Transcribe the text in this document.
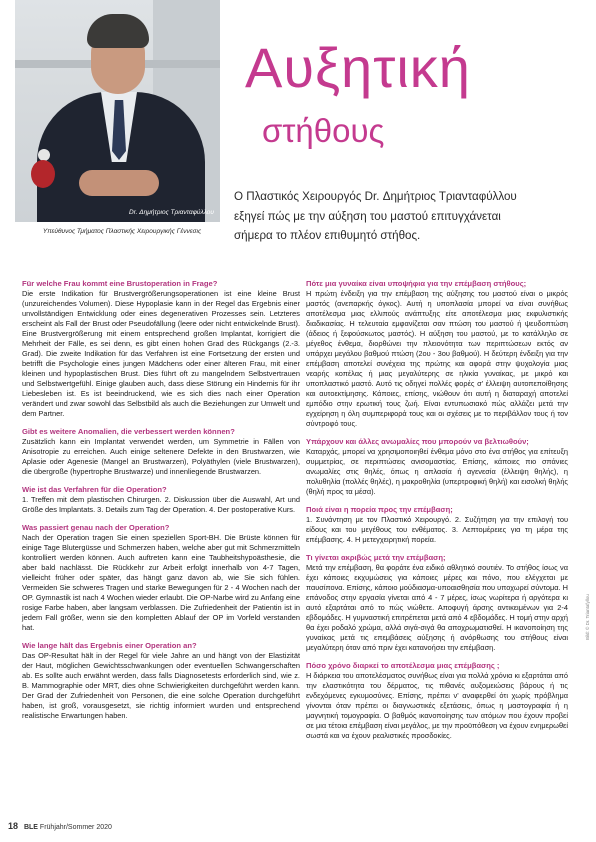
Dr. Δημήτριος Τριανταφύλλου
Υπεύθυνος Τμήματος Πλαστικής Χειρουργικής Γέννεσις
Αυξητική
στήθους
Ο Πλαστικός Χειρουργός Dr. Δημήτριος Τριανταφύλλου
εξηγεί πώς με την αύξηση του μαστού επιτυγχάνεται
σήμερα το πλέον επιθυμητό στήθος.
Für welche Frau kommt eine Brustoperation in Frage?

Die erste Indikation für Brustvergrößerungsoperationen ist eine kleine Brust (unzureichendes Volumen). Diese Hypoplasie kann in der Regel das Ergebnis einer unvollständigen Entwicklung oder eines degenerativen Prozesses sein. Letzteres erscheint als Fall der Brust oder Pseudofällung (leere oder nicht entwickelnde Brust). Eine Brustvergrößerung mit einem entsprechend großen Implantat, korrigiert die Mehrheit der Fälle, es sei denn, es gibt einen hohen Grad des Rückgangs (2.-3. Grad). Die zweite Indikation für das Verfahren ist eine Fortsetzung der ersten und betrifft die Psychologie eines jungen Mädchens oder einer älteren Frau, mit einer kleinen und hypoplastischen Brust. Dies führt oft zu mangelndem Selbstvertrauen und Selbstwertgefühl. Einige glauben auch, dass diese Störung ein Hindernis für ihr Liebesleben ist. Es ist beeindruckend, wie es sich dies nach einer Operation verändert und zwar sowohl das Selbstbild als auch die Beziehungen zur Umwelt und dem Partner.

Gibt es weitere Anomalien, die verbessert werden können?

Zusätzlich kann ein Implantat verwendet werden, um Symmetrie in Fällen von Anisotropie zu erreichen. Auch einige seltenere Defekte in den Brustwarzen, wie Aplasie oder Agenesie (Mangel an Brustwarzen), Polyäthylen (viele Brustwarzen), die übergroße (hypertrophe Brustwarze) und innenliegende Brustwarzen.

Wie ist das Verfahren für die Operation?

1. Treffen mit dem plastischen Chirurgen. 2. Diskussion über die Auswahl, Art und Größe des Implantats. 3. Details zum Tag der Operation. 4. Der postoperative Kurs.

Was passiert genau nach der Operation?

Nach der Operation tragen Sie einen speziellen Sport-BH. Die Brüste können für einige Tage Blutergüsse und Schmerzen haben, welche aber gut mit Schmerzmitteln kontrolliert werden können. Auch auftreten kann eine Taubheitshypoästhesie, die aber bald nachlässt. Die Rückkehr zur Arbeit erfolgt innerhalb von 4-7 Tagen, vielleicht früher oder später, das hängt ganz davon ab, wie Sie sich fühlen. Vermeiden Sie schweres Tragen und starke Bewegungen für 2 - 4 Wochen nach der OP. Gymnastik ist nach 4 Wochen wieder erlaubt. Die OP-Narbe wird zu Anfang eine rosige Farbe haben, aber langsam verblassen. Die Zufriedenheit der Patientin ist in jedem Fall größer, wenn sie den kompletten Ablauf der OP im Vorfeld verstanden hat.

Wie lange hält das Ergebnis einer Operation an?

Das OP-Resultat hält in der Regel für viele Jahre an und hängt von der Elastizität der Haut, möglichen Gewichtsschwankungen oder eventuellen Schwangerschaften ab. Es sollte auch erwähnt werden, dass falls Diagnosetests erforderlich sind, wie z. B. Mammographie oder MRT, dies ohne Schwierigkeiten durchgeführt werden kann. Der Grad der Zufriedenheit von Personen, die eine solche Operation durchgeführt haben, ist groß, vorausgesetzt, sie richtig informiert wurden und entsprechend realistische Erwartungen haben.

Πότε μια γυναίκα είναι υποψήφια για την επέμβαση στήθους;

Η πρώτη ένδειξη για την επέμβαση της αύξησης του μαστού είναι ο μικρός μαστός (ανεπαρκής όγκος). Αυτή η υποπλασία μπορεί να είναι συνήθως αποτέλεσμα μιας ελλιπούς ανάπτυξης είτε αποτέλεσμα μιας εκφυλιστικής διαδικασίας. Η τελευταία εμφανίζεται σαν πτώση του μαστού ή ψευδοπτώση (άδειος ή ξεφούσκωτος μαστός). Η αύξηση του μαστού, με το κατάλληλο σε μέγεθος ένθεμα, διορθώνει την πλειονότητα των περιπτώσεων εκτός αν υπάρχει μεγάλου βαθμού πτώση (2ου - 3ου βαθμού). Η δεύτερη ένδειξη για την επέμβαση αποτελεί συνέχεια της πρώτης και αφορά στην ψυχολογία μιας νεαρής κοπέλας ή μιας μεγαλύτερης σε ηλικία γυναίκας, με μικρό και υποπλαστικό μαστό. Αυτό τις οδηγεί πολλές φορές σ' έλλειψη αυτοπεποίθησης και αυτοεκτίμησης. Κάποιες, επίσης, νιώθουν ότι αυτή η διαταραχή αποτελεί εμπόδιο στην ερωτική τους ζωή. Είναι εντυπωσιακό πώς αλλάζει μετά την εγχείρηση η όλη συμπεριφορά τους και οι σχέσεις με το περιβάλλον τους ή τον σύντροφό τους.

Υπάρχουν και άλλες ανωμαλίες που μπορούν να βελτιωθούν;

Καταρχάς, μπορεί να χρησιμοποιηθεί ένθεμα μόνο στο ένα στήθος για επίτευξη συμμετρίας, σε περιπτώσεις ανισομαστίας. Επίσης, κάποιες πιο σπάνιες ανωμαλίες στις θηλές, όπως η απλασία ή αγενεσία (έλλειψη θηλής), η πολυθηλία (πολλές θηλές), η μακροθηλία (υπερτροφική θηλή) και εισολκή θηλής (θηλή προς τα μέσα).

Ποιά είναι η πορεία προς την επέμβαση;

1. Συνάντηση με τον Πλαστικό Χειρουργό. 2. Συζήτηση για την επιλογή του είδους και του μεγέθους του ενθέματος. 3. Λεπτομέρειες για τη μέρα της επέμβασης. 4. Η μετεγχειρητική πορεία.

Τι γίνεται ακριβώς μετά την επέμβαση;

Μετά την επέμβαση, θα φοράτε ένα ειδικό αθλητικό σουτιέν. Το στήθος ίσως να έχει κάποιες εκχυμώσεις για κάποιες μέρες και πόνο, που ελέγχεται με παυσίπονα. Επίσης, κάποιο μούδιασμα-υποαισθησία που υποχωρεί σύντομα. Η επάνοδος στην εργασία γίνεται από 4 - 7 μέρες, ίσως νωρίτερα ή αργότερα κι αυτό εξαρτάται από το πώς νιώθετε. Αποφυγή άρσης αντικειμένων για 2-4 εβδομάδες. Η γυμναστική επιτρέπεται μετά από 4 εβδομάδες. Η τομή στην αρχή θα έχει ροδαλό χρώμα, αλλά σιγά-σιγά θα αποχρωματισθεί. Η ικανοποίηση της γυναίκας μετά τις επεμβάσεις αύξησης ή ανόρθωσης του στήθους είναι μεγαλύτερη όταν από πριν έχει κατανοήσει την επέμβαση.

Πόσο χρόνο διαρκεί το αποτέλεσμα μιας επέμβασης ;

Η διάρκεια του αποτελέσματος συνήθως είναι για πολλά χρόνια κι εξαρτάται από την ελαστικότητα του δέρματος, τις πιθανές αυξομειώσεις βάρους ή τις ενδεχόμενες εγκυμοσύνες. Επίσης, πρέπει ν' αναφερθεί ότι χωρίς πρόβλημα γίνονται όταν πρέπει οι διαγνωστικές εξετάσεις, όπως η μαστογραφία ή η μαγνητική τομογραφία. Ο βαθμός ικανοποίησης των ατόμων που έχουν προβεί σε μια τέτοια επέμβαση είναι μεγάλος, με την προϋπόθεση να έχουν ενημερωθεί σωστά και να έχουν ρεαλιστικές προσδοκίες.

Bild: © Dr. Triantafyllou
18 BLE Frühjahr/Sommer 2020
